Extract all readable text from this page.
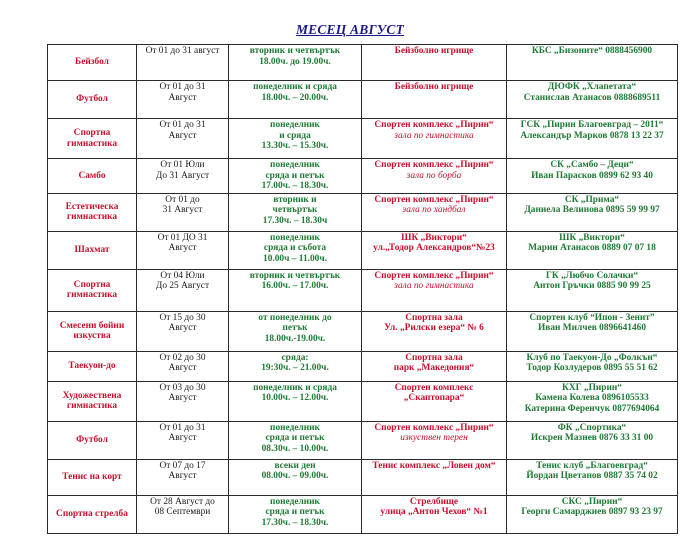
МЕСЕЦ АВГУСТ
Бейзбол	От 01 до 31 август	вторник и четвъртък
18.00ч. до 19.00ч.	Бейзболно игрище	КБС „Бизоните“ 0888456900

Футбол	От 01 до 31
Август	понеделник и сряда
18.00ч. – 20.00ч.	Бейзболно игрище	ДЮФК „Хлапетата“
Станислав Атанасов 0888689511

Спортна гимнастика	От 01 до 31
Август	понеделник
и сряда
13.30ч. – 15.30ч.	Спортен комплекс „Пирин“
зала по гимнастика	ГСК „Пирин Благоевград – 2011“
Александър Марков 0878 13 22 37

Самбо	От 01 Юли
До 31 Август	понеделник
сряда и петък
17.00ч. – 18.30ч.	Спортен комплекс „Пирин“
зала по борба	СК „Самбо – Деци“
Иван Парасков 0899 62 93 40

Естетическа гимнастика	От 01 до
31 Август	вторник и
четвъртък
17.30ч. – 18.30ч	Спортен комплекс „Пирин“
зала по хандбал	СК „Прима“
Даниела Велинова 0895 59 99 97

Шахмат	От 01 ДО 31
Август	понеделник
сряда и събота
10.00ч – 11.00ч.	ШК „Виктори“
ул.„Тодор Александров“№23	ШК „Виктори“
Марин Атанасов 0889 07 07 18

Спортна гимнастика	От 04 Юли
До 25 Август	вторник и четвъртък
16.00ч. – 17.00ч.	Спортен комплекс „Пирин“
зала по гимнастика	ГК „Любчо Солачки“
Антон Гръчки 0885 90 99 25

Смесени бойни изкуства	От 15 до 30
Август	от понеделник до
петък
18.00ч.-19.00ч.	Спортна зала
Ул. „Рилски езера“ № 6	Спортен клуб “Ипон - Зенит”
Иван Милчев 0896641460

Таекуон-до	От 02 до 30
Август	сряда:
19:30ч. – 21.00ч.	Спортна зала
парк „Македония“	Клуб по Таекуон-До „Фолкън“
Тодор Козлудеров 0895 55 51 62

Художествена гимнастика	От 03 до 30
Август	понеделник и сряда
10.00ч. – 12.00ч.	Спортен комплекс
„Скаптопара“	КХГ „Пирин“
Камена Колева 0896105533
Катерина Ференчук 0877694064

Футбол	От 01 до 31
Август	понеделник
сряда и петък
08.30ч. – 10.00ч.	Спортен комплекс „Пирин“
изкуствен терен	ФК „Спортика“
Искрен Мазнев 0876 33 31 00

Тенис на корт	От 07 до 17
Август	всеки ден
08.00ч. – 09.00ч.	Тенис комплекс „Ловен дом“	Тенис клуб „Благоевград“
Йордан Цветанов 0887 35 74 02

Спортна стрелба	От 28 Август до
08 Септември	понеделник
сряда и петък
17.30ч. – 18.30ч.	Стрелбище
улица „Антон Чехов“ №1	СКС „Пирин“
Георги Самарджиев 0897 93 23 97
